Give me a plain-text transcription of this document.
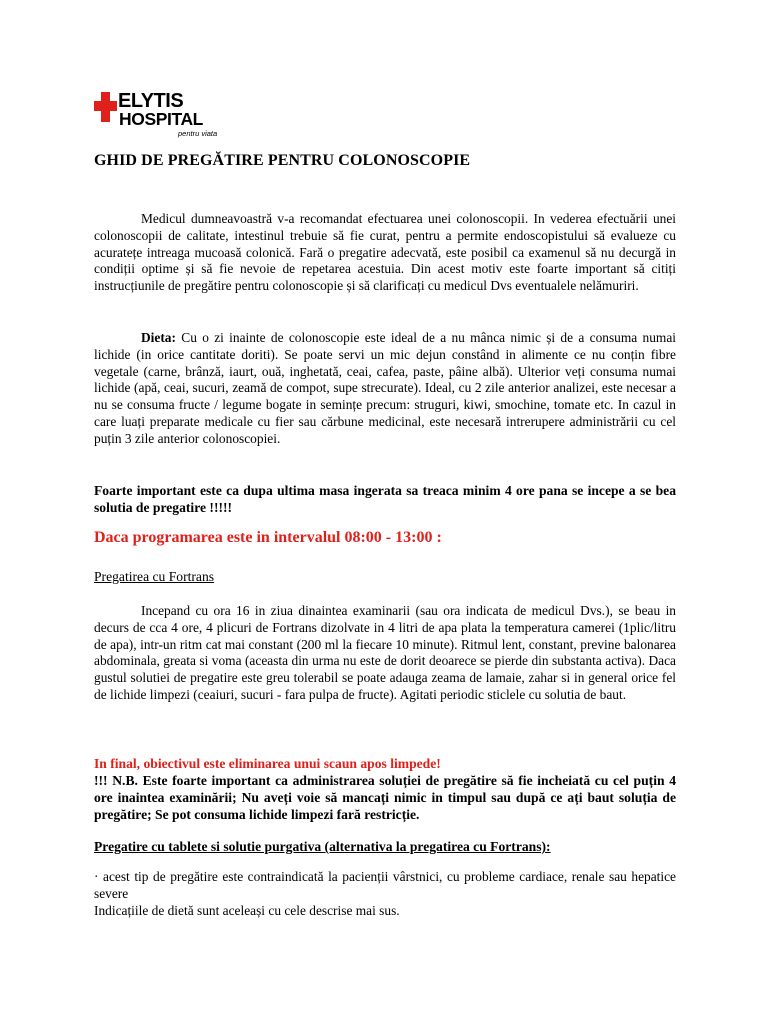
ELYTIS
HOSPITAL
pentru viata
GHID DE PREGĂTIRE PENTRU COLONOSCOPIE
Medicul dumneavoastră v-a recomandat efectuarea unei colonoscopii. In vederea efectuării unei colonoscopii de calitate, intestinul trebuie să fie curat, pentru a permite endoscopistului să evalueze cu acuratețe intreaga mucoasă colonică. Fară o pregatire adecvată, este posibil ca examenul să nu decurgă in condiții optime și să fie nevoie de repetarea acestuia. Din acest motiv este foarte important să citiți instrucțiunile de pregătire pentru colonoscopie și să clarificați cu medicul Dvs eventualele nelămuriri.
Dieta: Cu o zi inainte de colonoscopie este ideal de a nu mânca nimic și de a consuma numai lichide (in orice cantitate doriti). Se poate servi un mic dejun constând in alimente ce nu conțin fibre vegetale (carne, brânză, iaurt, ouă, inghetată, ceai, cafea, paste, pâine albă). Ulterior veți consuma numai lichide (apă, ceai, sucuri, zeamă de compot, supe strecurate). Ideal, cu 2 zile anterior analizei, este necesar a nu se consuma fructe / legume bogate in semințe precum: struguri, kiwi, smochine, tomate etc. In cazul in care luați preparate medicale cu fier sau cărbune medicinal, este necesară intrerupere administrării cu cel puțin 3 zile anterior colonoscopiei.
Foarte important este ca dupa ultima masa ingerata sa treaca minim 4 ore pana se incepe a se bea solutia de pregatire !!!!!
Daca programarea este in intervalul 08:00 - 13:00 :
Pregatirea cu Fortrans
Incepand cu ora 16 in ziua dinaintea examinarii (sau ora indicata de medicul Dvs.), se beau in decurs de cca 4 ore, 4 plicuri de Fortrans dizolvate in 4 litri de apa plata la temperatura camerei (1plic/litru de apa), intr-un ritm cat mai constant (200 ml la fiecare 10 minute). Ritmul lent, constant, previne balonarea abdominala, greata si voma (aceasta din urma nu este de dorit deoarece se pierde din substanta activa). Daca gustul solutiei de pregatire este greu tolerabil se poate adauga zeama de lamaie, zahar si in general orice fel de lichide limpezi (ceaiuri, sucuri - fara pulpa de fructe). Agitati periodic sticlele cu solutia de baut.
In final, obiectivul este eliminarea unui scaun apos limpede!
!!! N.B. Este foarte important ca administrarea soluției de pregătire să fie incheiată cu cel puțin 4 ore inaintea examinării; Nu aveți voie să mancați nimic in timpul sau după ce ați baut soluția de pregătire; Se pot consuma lichide limpezi fară restricție.
Pregatire cu tablete si solutie purgativa (alternativa la pregatirea cu Fortrans):
· acest tip de pregătire este contraindicată la pacienții vârstnici, cu probleme cardiace, renale sau hepatice severe
Indicațiile de dietă sunt aceleași cu cele descrise mai sus.
